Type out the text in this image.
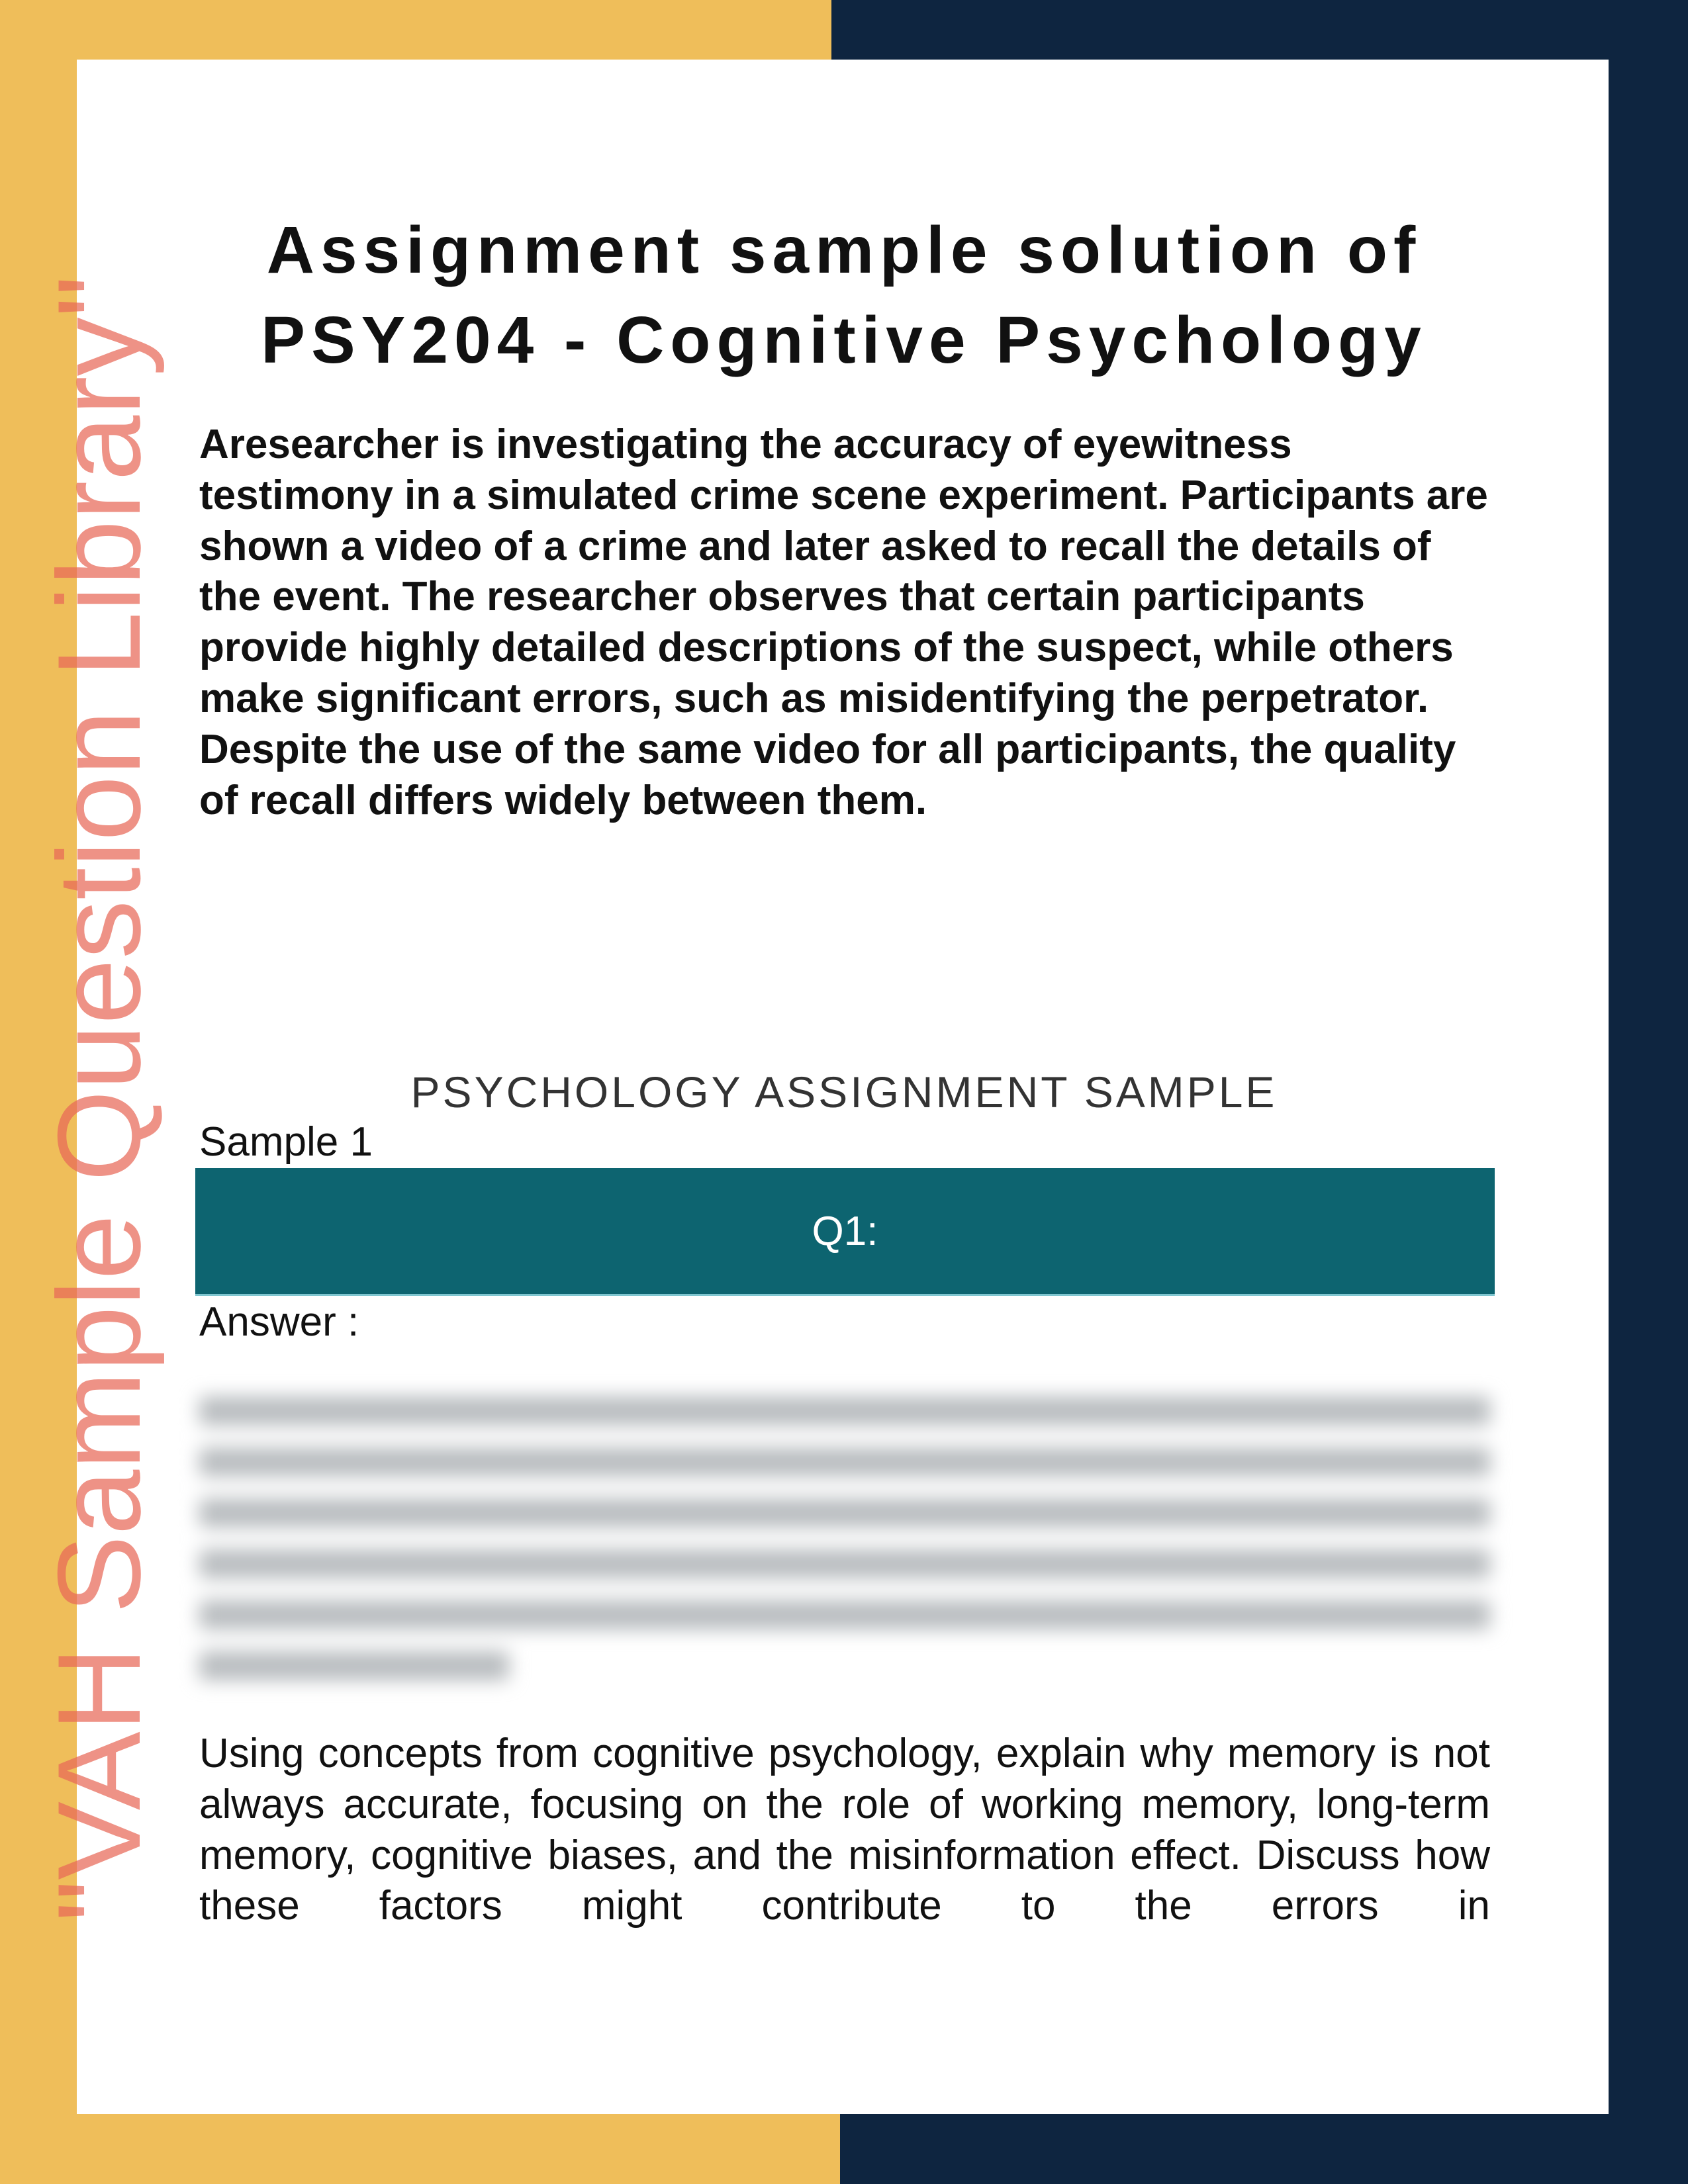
Assignment sample solution of
PSY204 - Cognitive Psychology
Aresearcher is investigating the accuracy of eyewitness testimony in a simulated crime scene experiment. Participants are shown a video of a crime and later asked to recall the details of the event. The researcher observes that certain participants provide highly detailed descriptions of the suspect, while others make significant errors, such as misidentifying the perpetrator. Despite the use of the same video for all participants, the quality of recall differs widely between them.
PSYCHOLOGY ASSIGNMENT SAMPLE
Sample 1
Q1:
Answer :
Using concepts from cognitive psychology, explain why memory is not always accurate, focusing on the role of working memory, long-term memory, cognitive biases, and the misinformation effect. Discuss how these factors might contribute to the errors in
"VAH Sample Question Library"
